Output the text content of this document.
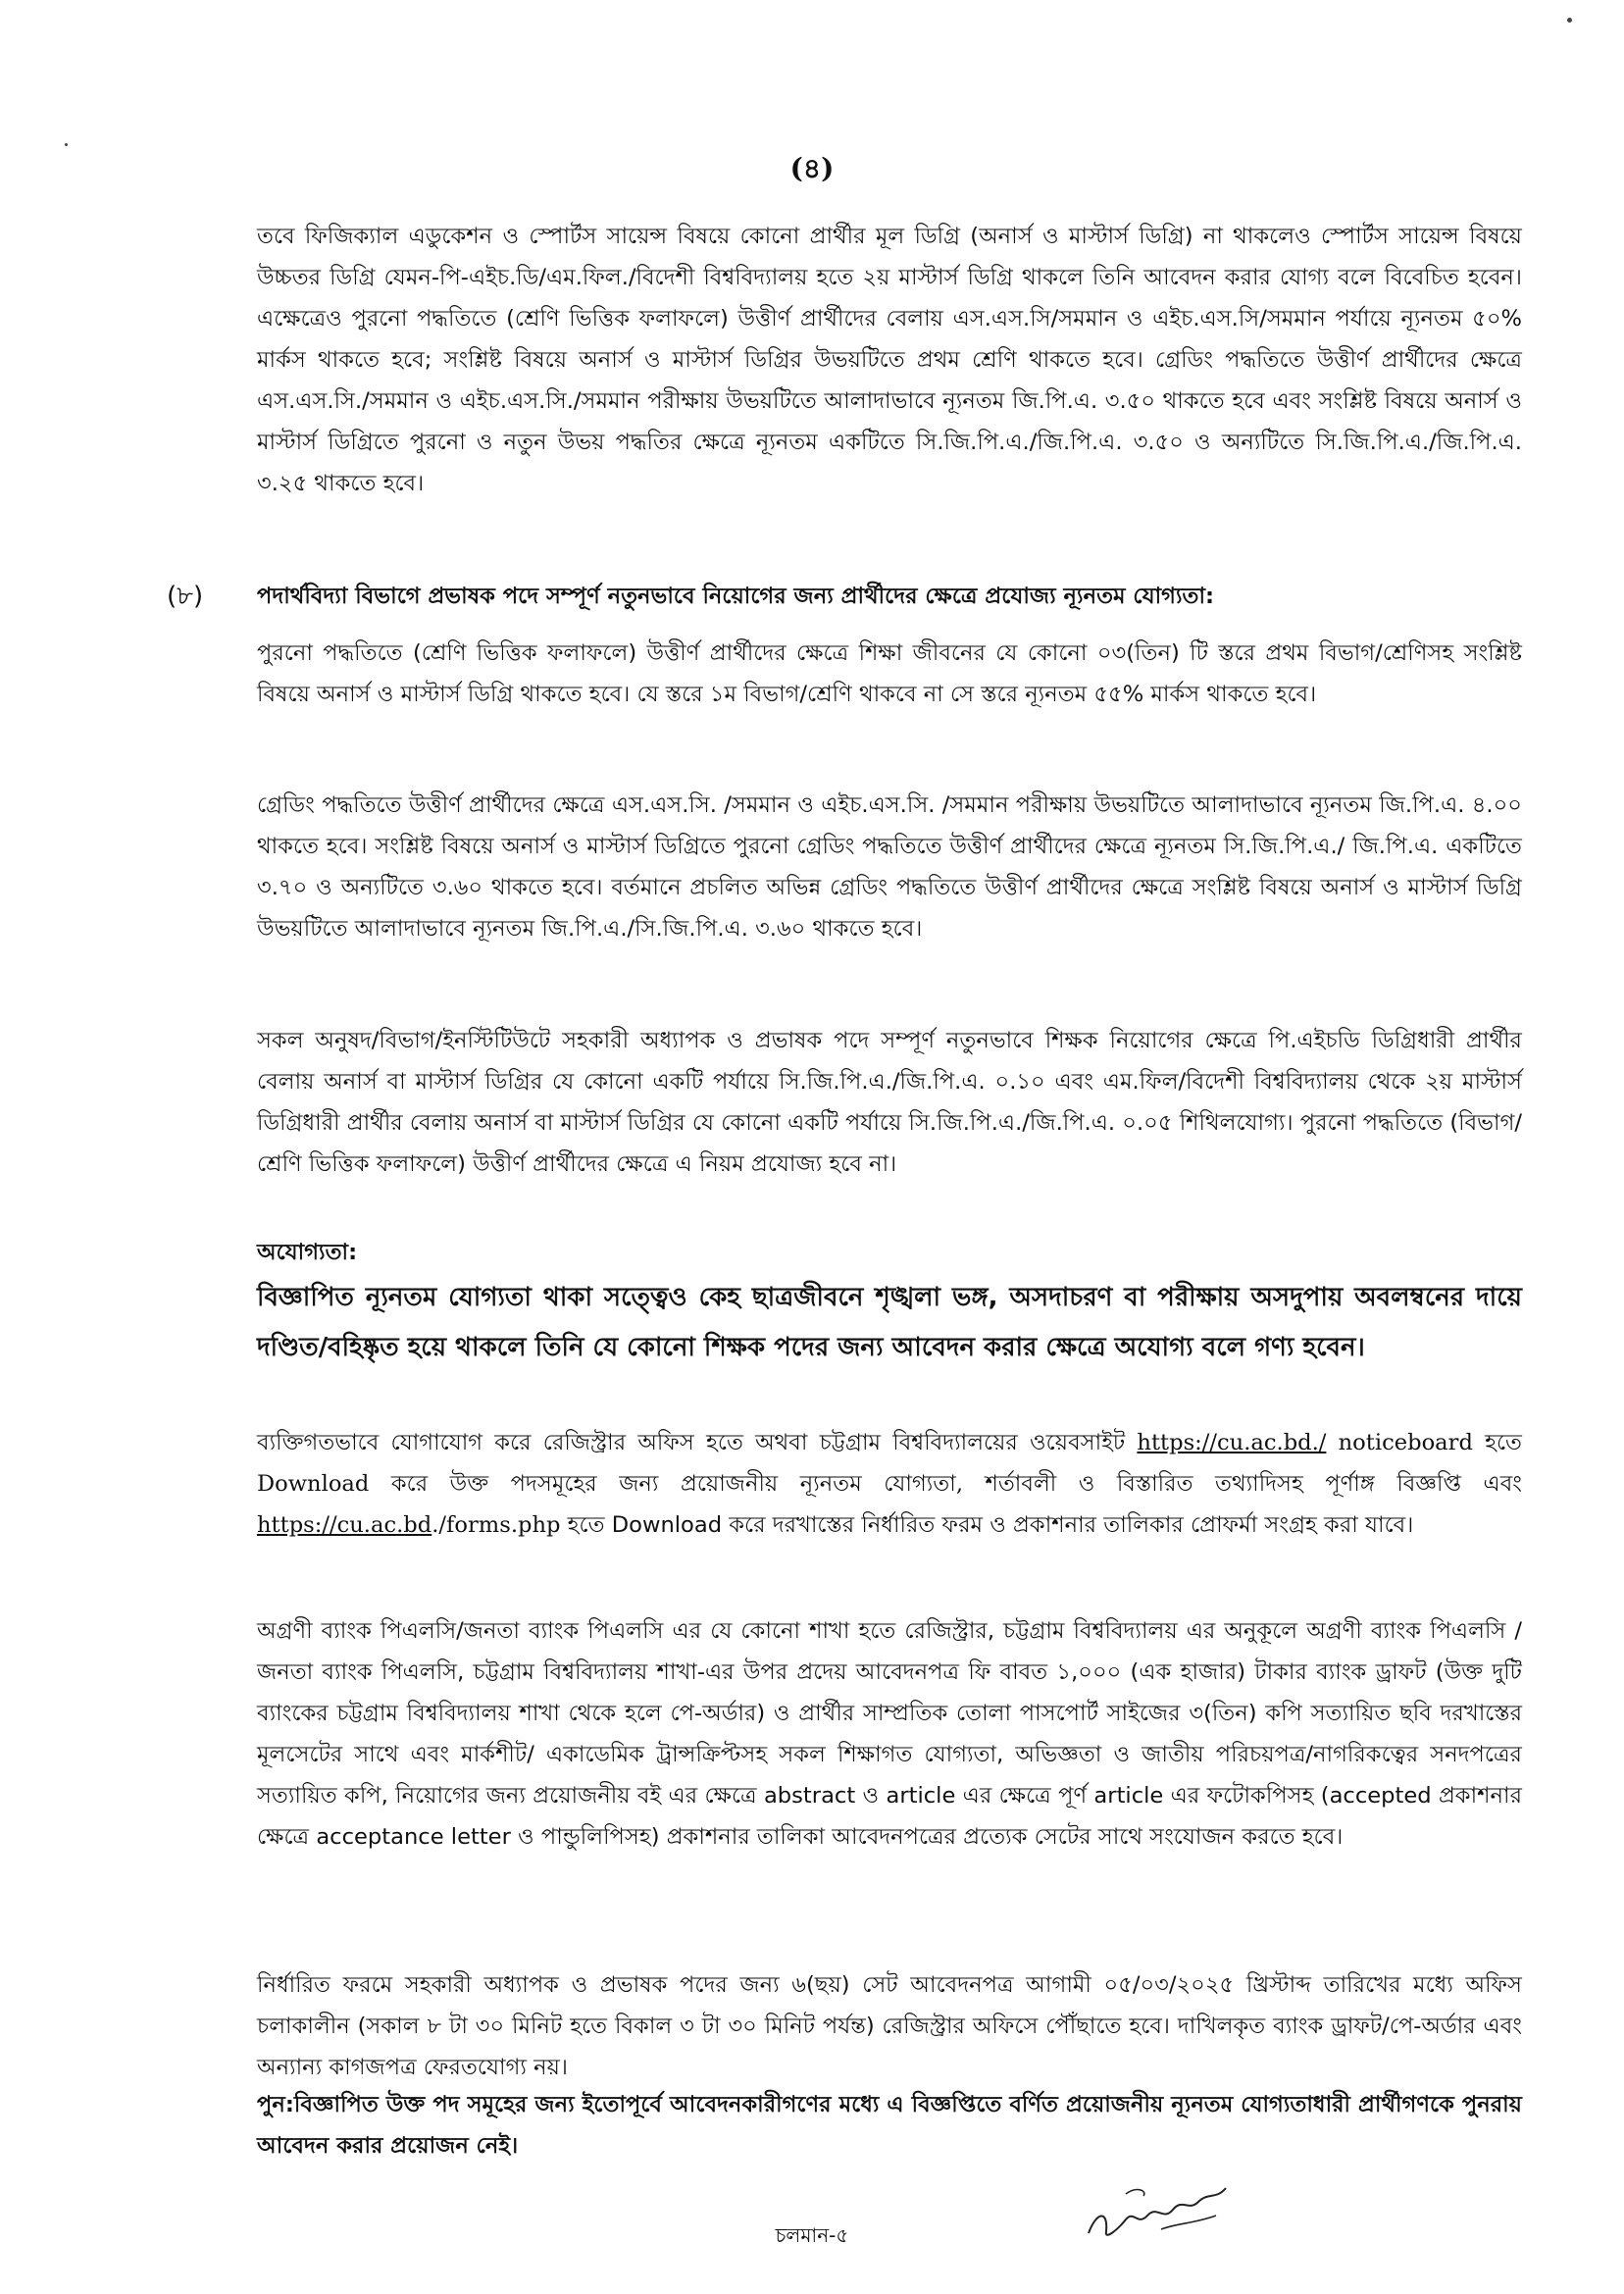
(৪)

তবে ফিজিক্যাল এডুকেশন ও স্পোর্টস সায়েন্স বিষয়ে কোনো প্রার্থীর মূল ডিগ্রি (অনার্স ও মাস্টার্স ডিগ্রি) না থাকলেও স্পোর্টস সায়েন্স বিষয়ে উচ্চতর ডিগ্রি যেমন-পি-এইচ.ডি/এম.ফিল./বিদেশী বিশ্ববিদ্যালয় হতে ২য় মাস্টার্স ডিগ্রি থাকলে তিনি আবেদন করার যোগ্য বলে বিবেচিত হবেন। এক্ষেত্রেও পুরনো পদ্ধতিতে (শ্রেণি ভিত্তিক ফলাফলে) উত্তীর্ণ প্রার্থীদের বেলায় এস.এস.সি/সমমান ও এইচ.এস.সি/সমমান পর্যায়ে ন্যূনতম ৫০% মার্কস থাকতে হবে; সংশ্লিষ্ট বিষয়ে অনার্স ও মাস্টার্স ডিগ্রির উভয়টিতে প্রথম শ্রেণি থাকতে হবে। গ্রেডিং পদ্ধতিতে উত্তীর্ণ প্রার্থীদের ক্ষেত্রে এস.এস.সি./সমমান ও এইচ.এস.সি./সমমান পরীক্ষায় উভয়টিতে আলাদাভাবে ন্যূনতম জি.পি.এ. ৩.৫০ থাকতে হবে এবং সংশ্লিষ্ট বিষয়ে অনার্স ও মাস্টার্স ডিগ্রিতে পুরনো ও নতুন উভয় পদ্ধতির ক্ষেত্রে ন্যূনতম একটিতে সি.জি.পি.এ./জি.পি.এ. ৩.৫০ ও অন্যটিতে সি.জি.পি.এ./জি.পি.এ. ৩.২৫ থাকতে হবে।

(৮) পদার্থবিদ্যা বিভাগে প্রভাষক পদে সম্পূর্ণ নতুনভাবে নিয়োগের জন্য প্রার্থীদের ক্ষেত্রে প্রযোজ্য ন্যূনতম যোগ্যতা:

পুরনো পদ্ধতিতে (শ্রেণি ভিত্তিক ফলাফলে) উত্তীর্ণ প্রার্থীদের ক্ষেত্রে শিক্ষা জীবনের যে কোনো ০৩(তিন) টি স্তরে প্রথম বিভাগ/শ্রেণিসহ সংশ্লিষ্ট বিষয়ে অনার্স ও মাস্টার্স ডিগ্রি থাকতে হবে। যে স্তরে ১ম বিভাগ/শ্রেণি থাকবে না সে স্তরে ন্যূনতম ৫৫% মার্কস থাকতে হবে।

গ্রেডিং পদ্ধতিতে উত্তীর্ণ প্রার্থীদের ক্ষেত্রে এস.এস.সি. /সমমান ও এইচ.এস.সি. /সমমান পরীক্ষায় উভয়টিতে আলাদাভাবে ন্যূনতম জি.পি.এ. ৪.০০ থাকতে হবে। সংশ্লিষ্ট বিষয়ে অনার্স ও মাস্টার্স ডিগ্রিতে পুরনো গ্রেডিং পদ্ধতিতে উত্তীর্ণ প্রার্থীদের ক্ষেত্রে ন্যূনতম সি.জি.পি.এ./ জি.পি.এ. একটিতে ৩.৭০ ও অন্যটিতে ৩.৬০ থাকতে হবে। বর্তমানে প্রচলিত অভিন্ন গ্রেডিং পদ্ধতিতে উত্তীর্ণ প্রার্থীদের ক্ষেত্রে সংশ্লিষ্ট বিষয়ে অনার্স ও মাস্টার্স ডিগ্রি উভয়টিতে আলাদাভাবে ন্যূনতম জি.পি.এ./সি.জি.পি.এ. ৩.৬০ থাকতে হবে।

সকল অনুষদ/বিভাগ/ইনস্টিটিউটে সহকারী অধ্যাপক ও প্রভাষক পদে সম্পূর্ণ নতুনভাবে শিক্ষক নিয়োগের ক্ষেত্রে পি.এইচডি ডিগ্রিধারী প্রার্থীর বেলায় অনার্স বা মাস্টার্স ডিগ্রির যে কোনো একটি পর্যায়ে সি.জি.পি.এ./জি.পি.এ. ০.১০ এবং এম.ফিল/বিদেশী বিশ্ববিদ্যালয় থেকে ২য় মাস্টার্স ডিগ্রিধারী প্রার্থীর বেলায় অনার্স বা মাস্টার্স ডিগ্রির যে কোনো একটি পর্যায়ে সি.জি.পি.এ./জি.পি.এ. ০.০৫ শিথিলযোগ্য। পুরনো পদ্ধতিতে (বিভাগ/শ্রেণি ভিত্তিক ফলাফলে) উত্তীর্ণ প্রার্থীদের ক্ষেত্রে এ নিয়ম প্রযোজ্য হবে না।

অযোগ্যতা:

বিজ্ঞাপিত ন্যূনতম যোগ্যতা থাকা সত্ত্বেও কেহ ছাত্রজীবনে শৃঙ্খলা ভঙ্গ, অসদাচরণ বা পরীক্ষায় অসদুপায় অবলম্বনের দায়ে দণ্ডিত/বহিষ্কৃত হয়ে থাকলে তিনি যে কোনো শিক্ষক পদের জন্য আবেদন করার ক্ষেত্রে অযোগ্য বলে গণ্য হবেন।

ব্যক্তিগতভাবে যোগাযোগ করে রেজিস্ট্রার অফিস হতে অথবা চট্টগ্রাম বিশ্ববিদ্যালয়ের ওয়েবসাইট https://cu.ac.bd./ noticeboard হতে Download করে উক্ত পদসমূহের জন্য প্রয়োজনীয় ন্যূনতম যোগ্যতা, শর্তাবলী ও বিস্তারিত তথ্যাদিসহ পূর্ণাঙ্গ বিজ্ঞপ্তি এবং https://cu.ac.bd./forms.php হতে Download করে দরখাস্তের নির্ধারিত ফরম ও প্রকাশনার তালিকার প্রোফর্মা সংগ্রহ করা যাবে।

অগ্রণী ব্যাংক পিএলসি/জনতা ব্যাংক পিএলসি এর যে কোনো শাখা হতে রেজিস্ট্রার, চট্টগ্রাম বিশ্ববিদ্যালয় এর অনুকূলে অগ্রণী ব্যাংক পিএলসি /জনতা ব্যাংক পিএলসি, চট্টগ্রাম বিশ্ববিদ্যালয় শাখা-এর উপর প্রদেয় আবেদনপত্র ফি বাবত ১,০০০ (এক হাজার) টাকার ব্যাংক ড্রাফট (উক্ত দুটি ব্যাংকের চট্টগ্রাম বিশ্ববিদ্যালয় শাখা থেকে হলে পে-অর্ডার) ও প্রার্থীর সাম্প্রতিক তোলা পাসপোর্ট সাইজের ৩(তিন) কপি সত্যায়িত ছবি দরখাস্তের মূলসেটের সাথে এবং মার্কশীট/ একাডেমিক ট্রান্সক্রিপ্টসহ সকল শিক্ষাগত যোগ্যতা, অভিজ্ঞতা ও জাতীয় পরিচয়পত্র/নাগরিকত্বের সনদপত্রের সত্যায়িত কপি, নিয়োগের জন্য প্রয়োজনীয় বই এর ক্ষেত্রে abstract ও article এর ক্ষেত্রে পূর্ণ article এর ফটোকপিসহ (accepted প্রকাশনার ক্ষেত্রে acceptance letter ও পান্ডুলিপিসহ) প্রকাশনার তালিকা আবেদনপত্রের প্রত্যেক সেটের সাথে সংযোজন করতে হবে।

নির্ধারিত ফরমে সহকারী অধ্যাপক ও প্রভাষক পদের জন্য ৬(ছয়) সেট আবেদনপত্র আগামী ০৫/০৩/২০২৫ খ্রিস্টাব্দ তারিখের মধ্যে অফিস চলাকালীন (সকাল ৮ টা ৩০ মিনিট হতে বিকাল ৩ টা ৩০ মিনিট পর্যন্ত) রেজিস্ট্রার অফিসে পৌঁছাতে হবে। দাখিলকৃত ব্যাংক ড্রাফট/পে-অর্ডার এবং অন্যান্য কাগজপত্র ফেরতযোগ্য নয়।

পুন:বিজ্ঞাপিত উক্ত পদ সমূহের জন্য ইতোপূর্বে আবেদনকারীগণের মধ্যে এ বিজ্ঞপ্তিতে বর্ণিত প্রয়োজনীয় ন্যূনতম যোগ্যতাধারী প্রার্থীগণকে পুনরায় আবেদন করার প্রয়োজন নেই।

চলমান-৫
